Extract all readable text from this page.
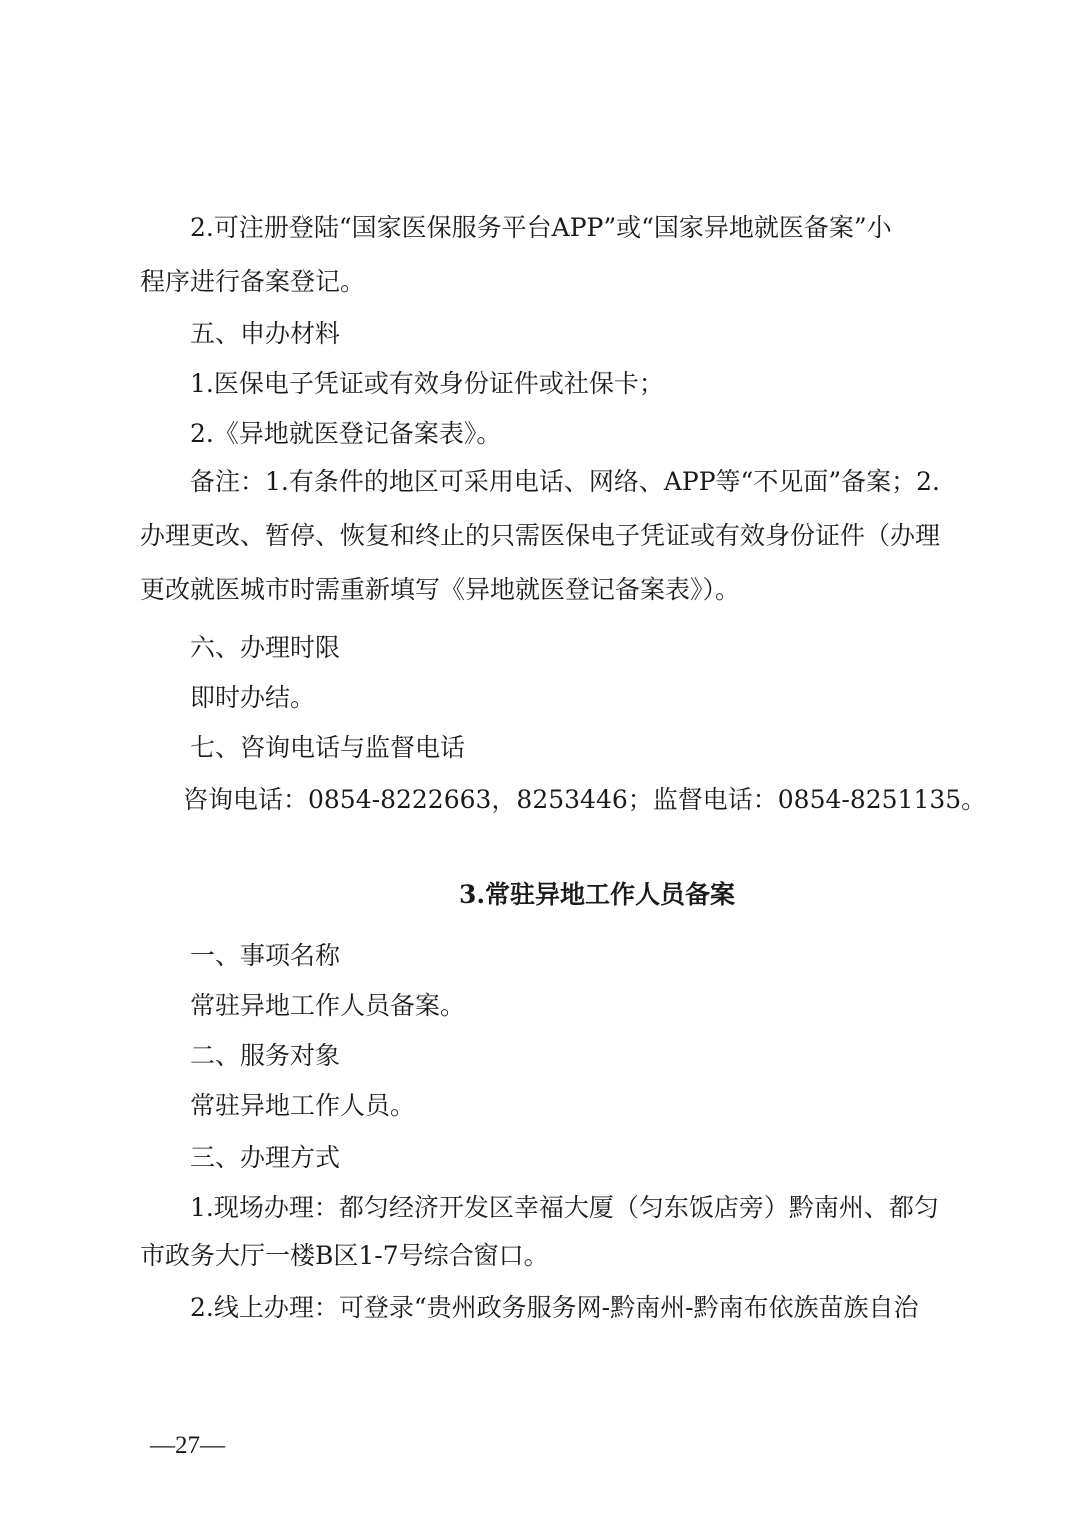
2.可注册登陆“国家医保服务平台APP”或“国家异地就医备案”小
程序进行备案登记。
五、申办材料
1.医保电子凭证或有效身份证件或社保卡；
2.《异地就医登记备案表》。
备注：1.有条件的地区可采用电话、网络、APP等“不见面”备案；2.
办理更改、暂停、恢复和终止的只需医保电子凭证或有效身份证件（办理
更改就医城市时需重新填写《异地就医登记备案表》）。
六、办理时限
即时办结。
七、咨询电话与监督电话
咨询电话：0854-8222663，8253446；监督电话：0854-8251135。
3.常驻异地工作人员备案
一、事项名称
常驻异地工作人员备案。
二、服务对象
常驻异地工作人员。
三、办理方式
1.现场办理：都匀经济开发区幸福大厦（匀东饭店旁）黔南州、都匀
市政务大厅一楼B区1-7号综合窗口。
2.线上办理：可登录“贵州政务服务网-黔南州-黔南布依族苗族自治
—27—
